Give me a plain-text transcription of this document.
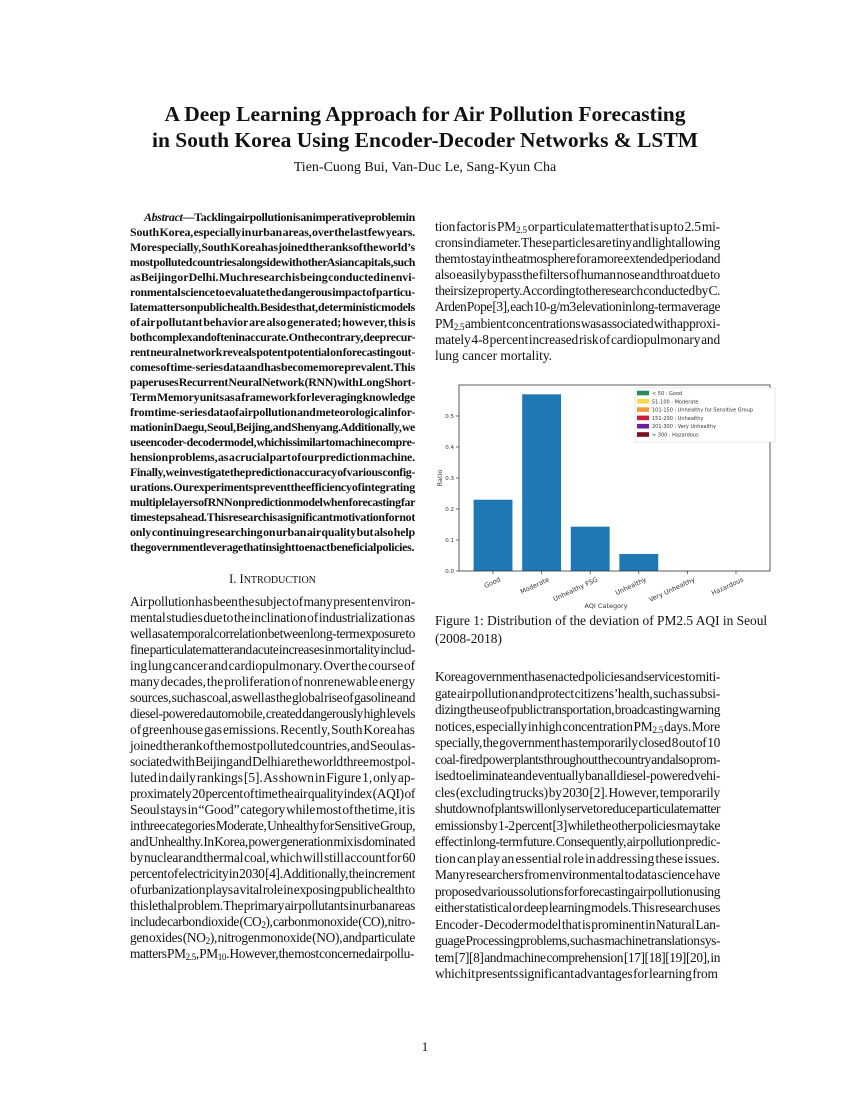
A Deep Learning Approach for Air Pollution Forecasting
in South Korea Using Encoder-Decoder Networks & LSTM
Tien-Cuong Bui, Van-Duc Le, Sang-Kyun Cha
Abstract—Tackling air pollution is an imperative problem in
South Korea, especially in urban areas, over the last few years.
More specially, South Korea has joined the ranks of the world’s
most polluted countries alongside with other Asian capitals, such
as Beijing or Delhi. Much research is being conducted in envi-
ronmental science to evaluate the dangerous impact of particu-
late matters on public health. Besides that, deterministic models
of air pollutant behavior are also generated; however, this is
both complex and often inaccurate. On the contrary, deep recur-
rent neural network reveals potent potential on forecasting out-
comes of time-series data and has become more prevalent. This
paper uses Recurrent Neural Network (RNN) with Long Short-
Term Memory units as a framework for leveraging knowledge
from time-series data of air pollution and meteorological infor-
mation in Daegu, Seoul, Beijing, and Shenyang. Additionally, we
use encoder-decoder model, which is similar to machine compre-
hension problems, as a crucial part of our prediction machine.
Finally, we investigate the prediction accuracy of various config-
urations. Our experiments prevent the efficiency of integrating
multiple layers of RNN on prediction model when forecasting far
timesteps ahead. This research is a significant motivation for not
only continuing researching on urban air quality but also help
the government leverage that insight to enact beneficial policies.
I. INTRODUCTION
Air pollution has been the subject of many present environ-
mental studies due to the inclination of industrialization as
well as a temporal correlation between long-term exposure to
fine particulate matter and acute increases in mortality includ-
ing lung cancer and cardiopulmonary. Over the course of
many decades, the proliferation of nonrenewable energy
sources, such as coal, as well as the global rise of gasoline and
diesel-powered automobile, created dangerously high levels
of greenhouse gas emissions. Recently, South Korea has
joined the rank of the most polluted countries, and Seoul as-
sociated with Beijing and Delhi are the world three most pol-
luted in daily rankings [5]. As shown in Figure 1, only ap-
proximately 20 percent of time the air quality index (AQI) of
Seoul stays in “Good” category while most of the time, it is
in three categories Moderate, Unhealthy for Sensitive Group,
and Unhealthy. In Korea, power generation mix is dominated
by nuclear and thermal coal, which will still account for 60
percent of electricity in 2030 [4]. Additionally, the increment
of urbanization plays a vital role in exposing public health to
this lethal problem. The primary air pollutants in urban areas
include carbon dioxide $(CO_2)$, carbon monoxide (CO), nitro-
gen oxides $(NO_2)$, nitrogen monoxide (NO), and particulate
matters $PM_{2.5}$, $PM_{10}$. However, the most concerned air pollu-
tion factor is $PM_{2.5}$ or particulate matter that is up to 2.5 mi-
crons in diameter. These particles are tiny and light allowing
them to stay in the atmosphere for a more extended period and
also easily bypass the filters of human nose and throat due to
their size property. According to the research conducted by C.
Arden Pope [3], each 10-g/m3 elevation in long-term average
$PM_{2.5}$ ambient concentrations was associated with approxi-
mately 4-8 percent increased risk of cardiopulmonary and
lung cancer mortality.
Good	Moderate Unhealthy FSG Unhealthy Very Unhealthy Hazardous
0.0
0.1
0.2
0.3
0.4
0.5
AQI Category
Ratio
< 50 : Good
51-100 : Moderate
101-150 : Unhealthy for Sensitive Group
151-200 : Unhealthy
201-300 : Very Unhealthy
> 300 : Hazardous
Figure 1: Distribution of the deviation of PM2.5 AQI in Seoul
(2008-2018)
Korea government has enacted policies and services to miti-
gate air pollution and protect citizens’ health, such as subsi-
dizing the use of public transportation, broadcasting warning
notices, especially in high concentration $PM_{2.5}$ days. More
specially, the government has temporarily closed 8 out of 10
coal-fired power plants throughout the country and also prom-
ised to eliminate and eventually ban all diesel-powered vehi-
cles (excluding trucks) by 2030 [2]. However, temporarily
shutdown of plants will only serve to reduce particulate matter
emissions by 1-2 percent [3] while the other policies may take
effect in long-term future. Consequently, air pollution predic-
tion can play an essential role in addressing these issues.
Many researchers from environmental to data science have
proposed various solutions for forecasting air pollution using
either statistical or deep learning models. This research uses
Encoder - Decoder model that is prominent in Natural Lan-
guage Processing problems, such as machine translation sys-
tem [7][8] and machine comprehension [17][18][19][20], in
which it presents significant advantages for learning from
1
